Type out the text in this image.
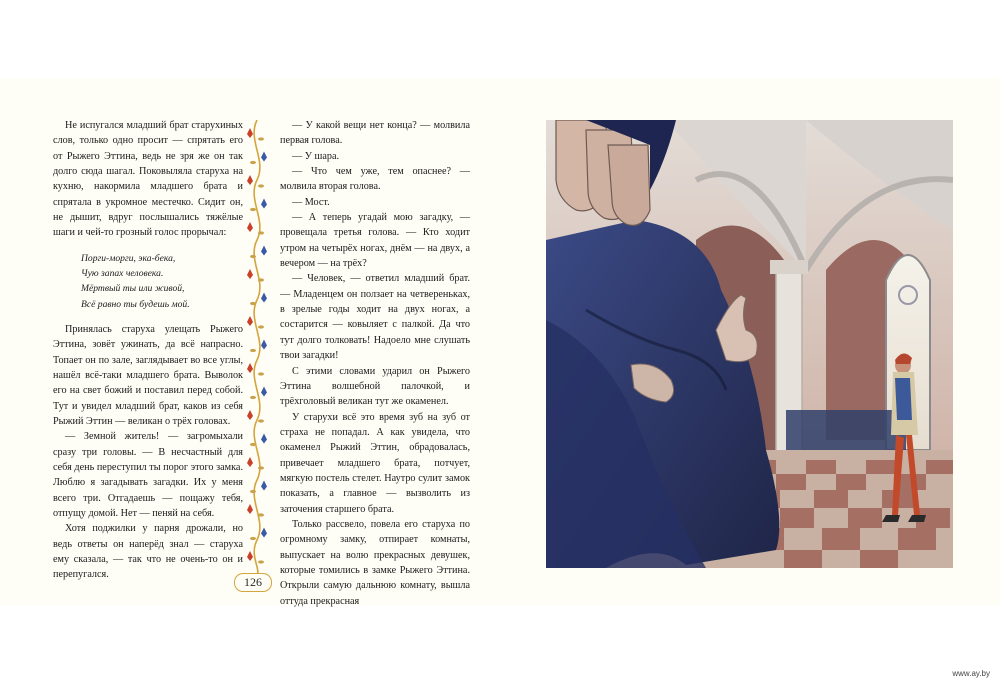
Не испугался младший брат старухиных слов, только одно просит — спрятать его от Рыжего Эттина, ведь не зря же он так долго сюда шагал. Поковыляла старуха на кухню, накормила младшего брата и спрятала в укромное местечко. Сидит он, не дышит, вдруг послышались тяжёлые шаги и чей-то грозный голос прорычал:

Порги-морги, эка-бека,
Чую запах человека.
Мёртвый ты или живой,
Всё равно ты будешь мой.

Принялась старуха улещать Рыжего Эттина, зовёт ужинать, да всё напрасно. Топает он по зале, заглядывает во все углы, нашёл всё-таки младшего брата. Выволок его на свет божий и поставил перед собой. Тут и увидел младший брат, каков из себя Рыжий Эттин — великан о трёх головах.

— Земной житель! — загромыхали сразу три головы. — В несчастный для себя день переступил ты порог этого замка. Люблю я загадывать загадки. Их у меня всего три. Отгадаешь — пощажу тебя, отпущу домой. Нет — пеняй на себя.

Хотя поджилки у парня дрожали, но ведь ответы он наперёд знал — старуха ему сказала, — так что не очень-то он и перепугался.

126

— У какой вещи нет конца? — молвила первая голова.

— У шара.

— Что чем уже, тем опаснее? — молвила вторая голова.

— Мост.

— А теперь угадай мою загадку, — провещала третья голова. — Кто ходит утром на четырёх ногах, днём — на двух, а вечером — на трёх?

— Человек, — ответил младший брат. — Младенцем он ползает на четвереньках, в зрелые годы ходит на двух ногах, а состарится — ковыляет с палкой. Да что тут долго толковать! Надоело мне слушать твои загадки!

С этими словами ударил он Рыжего Эттина волшебной палочкой, и трёхголовый великан тут же окаменел.

У старухи всё это время зуб на зуб от страха не попадал. А как увидела, что окаменел Рыжий Эттин, обрадовалась, привечает младшего брата, потчует, мягкую постель стелет. Наутро сулит замок показать, а главное — вызволить из заточения старшего брата.

Только рассвело, повела его старуха по огромному замку, отпирает комнаты, выпускает на волю прекрасных девушек, которые томились в замке Рыжего Эттина. Открыли самую дальнюю комнату, вышла оттуда прекрасная

www.ay.by
